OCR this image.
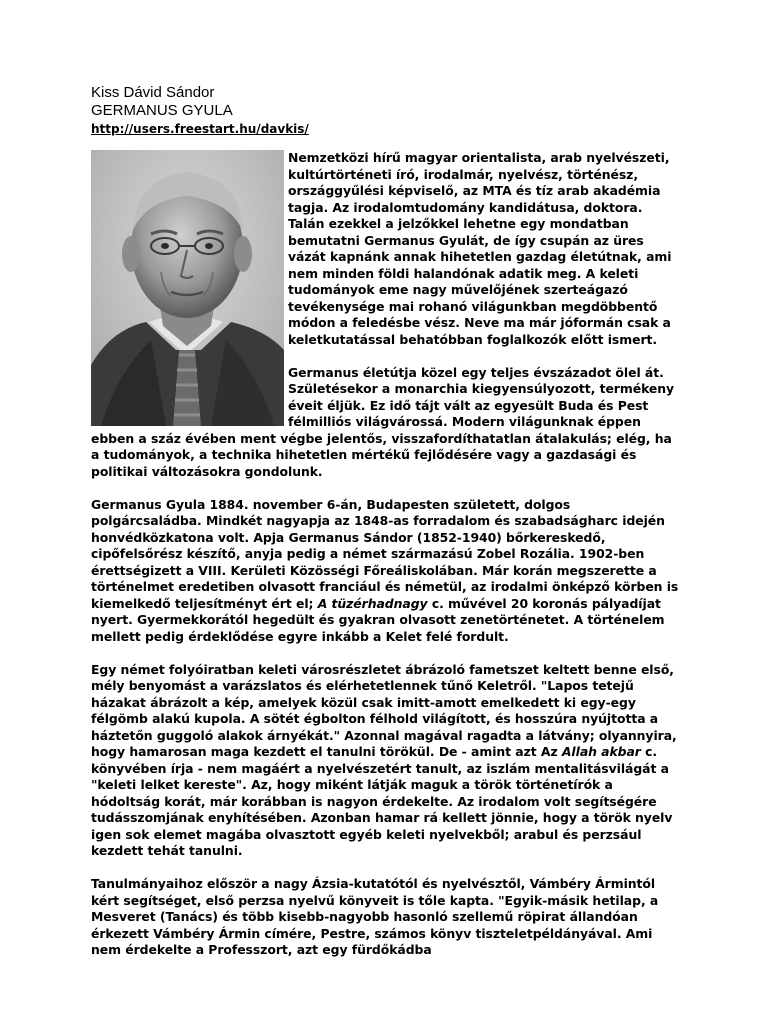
Kiss Dávid Sándor
GERMANUS GYULA
http://users.freestart.hu/davkis/

Nemzetközi hírű magyar orientalista, arab nyelvészeti, kultúrtörténeti író, irodalmár, nyelvész, történész, országgyűlési képviselő, az MTA és tíz arab akadémia tagja. Az irodalomtudomány kandidátusa, doktora. Talán ezekkel a jelzőkkel lehetne egy mondatban bemutatni Germanus Gyulát, de így csupán az üres vázát kapnánk annak hihetetlen gazdag életútnak, ami nem minden földi halandónak adatik meg. A keleti tudományok eme nagy művelőjének szerteágazó tevékenysége mai rohanó világunkban megdöbbentő módon a feledésbe vész. Neve ma már jóformán csak a keletkutatással behatóbban foglalkozók előtt ismert.

Germanus életútja közel egy teljes évszázadot ölel át. Születésekor a monarchia kiegyensúlyozott, termékeny éveit éljük. Ez idő tájt vált az egyesült Buda és Pest félmilliós világvárossá. Modern világunknak éppen ebben a száz évében ment végbe jelentős, visszafordíthatatlan átalakulás; elég, ha a tudományok, a technika hihetetlen mértékű fejlődésére vagy a gazdasági és politikai változásokra gondolunk.

Germanus Gyula 1884. november 6-án, Budapesten született, dolgos polgárcsaládba. Mindkét nagyapja az 1848-as forradalom és szabadságharc idején honvédközkatona volt. Apja Germanus Sándor (1852-1940) bőrkereskedő, cipőfelsőrész készítő, anyja pedig a német származású Zobel Rozália. 1902-ben érettségizett a VIII. Kerületi Közösségi Főreáliskolában. Már korán megszerette a történelmet eredetiben olvasott franciául és németül, az irodalmi önképző körben is kiemelkedő teljesítményt ért el; A tüzérhadnagy c. művével 20 koronás pályadíjat nyert. Gyermekkorától hegedült és gyakran olvasott zenetörténetet. A történelem mellett pedig érdeklődése egyre inkább a Kelet felé fordult.

Egy német folyóiratban keleti városrészletet ábrázoló fametszet keltett benne első, mély benyomást a varázslatos és elérhetetlennek tűnő Keletről. "Lapos tetejű házakat ábrázolt a kép, amelyek közül csak imitt-amott emelkedett ki egy-egy félgömb alakú kupola. A sötét égbolton félhold világított, és hosszúra nyújtotta a háztetőn guggoló alakok árnyékát." Azonnal magával ragadta a látvány; olyannyira, hogy hamarosan maga kezdett el tanulni törökül. De - amint azt Az Allah akbar c. könyvében írja - nem magáért a nyelvészetért tanult, az iszlám mentalitásvilágát a "keleti lelket kereste". Az, hogy miként látják maguk a török történetírók a hódoltság korát, már korábban is nagyon érdekelte. Az irodalom volt segítségére tudásszomjának enyhítésében. Azonban hamar rá kellett jönnie, hogy a török nyelv igen sok elemet magába olvasztott egyéb keleti nyelvekből; arabul és perzsául kezdett tehát tanulni.

Tanulmányaihoz először a nagy Ázsia-kutatótól és nyelvésztől, Vámbéry Ármintól kért segítséget, első perzsa nyelvű könyveit is tőle kapta. "Egyik-másik hetilap, a Mesveret (Tanács) és több kisebb-nagyobb hasonló szellemű röpirat állandóan érkezett Vámbéry Ármin címére, Pestre, számos könyv tiszteletpéldányával. Ami nem érdekelte a Professzort, azt egy fürdőkádba
